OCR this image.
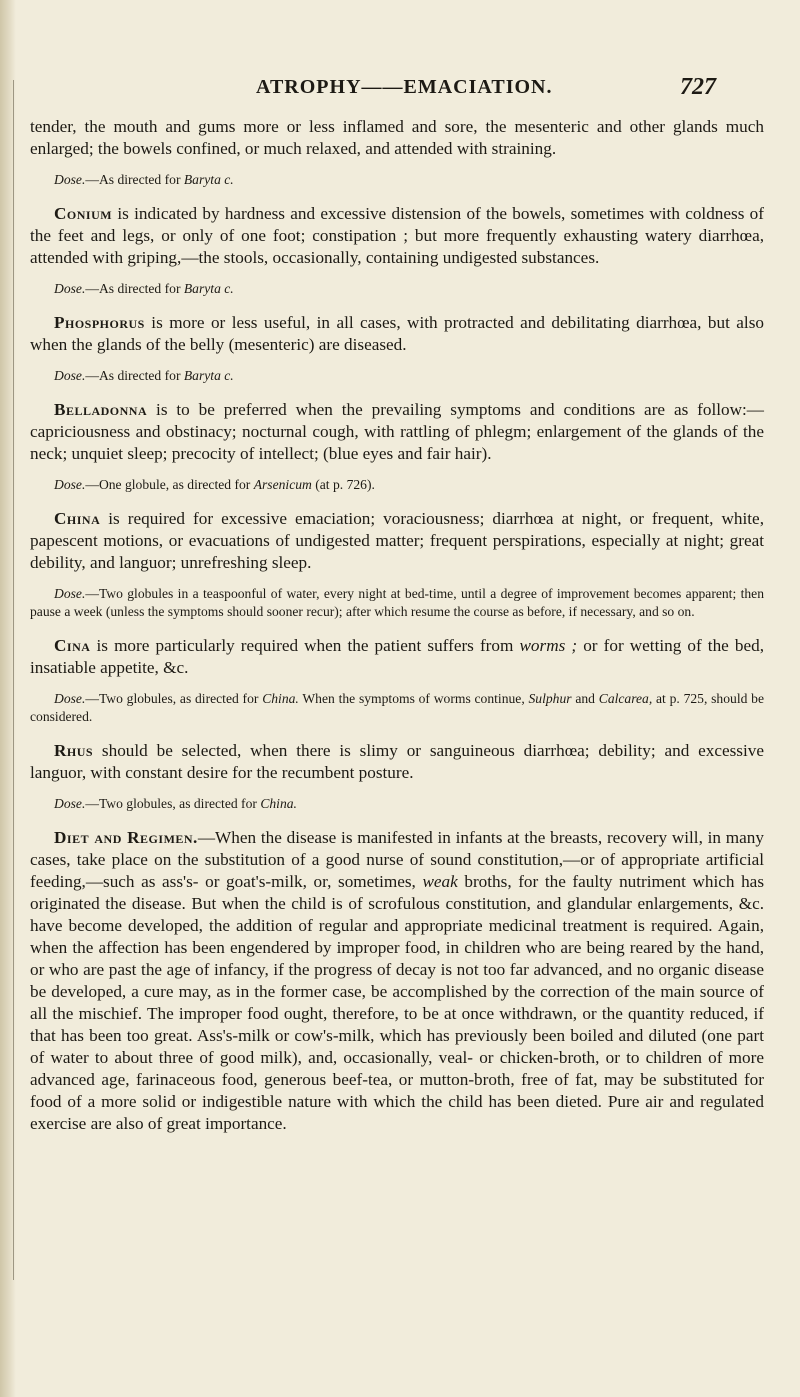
ATROPHY——EMACIATION.	727

tender, the mouth and gums more or less inflamed and sore, the mesenteric and other glands much enlarged; the bowels confined, or much relaxed, and attended with straining.

Dose.—As directed for Baryta c.

Conium is indicated by hardness and excessive distension of the bowels, sometimes with coldness of the feet and legs, or only of one foot; constipation ; but more frequently exhausting watery diarrhœa, attended with griping,—the stools, occasionally, containing undigested substances.

Dose.—As directed for Baryta c.

Phosphorus is more or less useful, in all cases, with protracted and debilitating diarrhœa, but also when the glands of the belly (mesenteric) are diseased.

Dose.—As directed for Baryta c.

Belladonna is to be preferred when the prevailing symptoms and conditions are as follow:—capriciousness and obstinacy; nocturnal cough, with rattling of phlegm; enlargement of the glands of the neck; unquiet sleep; precocity of intellect; (blue eyes and fair hair).

Dose.—One globule, as directed for Arsenicum (at p. 726).

China is required for excessive emaciation; voraciousness; diarrhœa at night, or frequent, white, papescent motions, or evacuations of undigested matter; frequent perspirations, especially at night; great debility, and languor; unrefreshing sleep.

Dose.—Two globules in a teaspoonful of water, every night at bed-time, until a degree of improvement becomes apparent; then pause a week (unless the symptoms should sooner recur); after which resume the course as before, if necessary, and so on.

Cina is more particularly required when the patient suffers from worms ; or for wetting of the bed, insatiable appetite, &c.

Dose.—Two globules, as directed for China. When the symptoms of worms continue, Sulphur and Calcarea, at p. 725, should be considered.

Rhus should be selected, when there is slimy or sanguineous diarrhœa; debility; and excessive languor, with constant desire for the recumbent posture.

Dose.—Two globules, as directed for China.

Diet and Regimen.—When the disease is manifested in infants at the breasts, recovery will, in many cases, take place on the substitution of a good nurse of sound constitution,—or of appropriate artificial feeding,—such as ass's- or goat's-milk, or, sometimes, weak broths, for the faulty nutriment which has originated the disease. But when the child is of scrofulous constitution, and glandular enlargements, &c. have become developed, the addition of regular and appropriate medicinal treatment is required. Again, when the affection has been engendered by improper food, in children who are being reared by the hand, or who are past the age of infancy, if the progress of decay is not too far advanced, and no organic disease be developed, a cure may, as in the former case, be accomplished by the correction of the main source of all the mischief. The improper food ought, therefore, to be at once withdrawn, or the quantity reduced, if that has been too great. Ass's-milk or cow's-milk, which has previously been boiled and diluted (one part of water to about three of good milk), and, occasionally, veal- or chicken-broth, or to children of more advanced age, farinaceous food, generous beef-tea, or mutton-broth, free of fat, may be substituted for food of a more solid or indigestible nature with which the child has been dieted. Pure air and regulated exercise are also of great importance.
